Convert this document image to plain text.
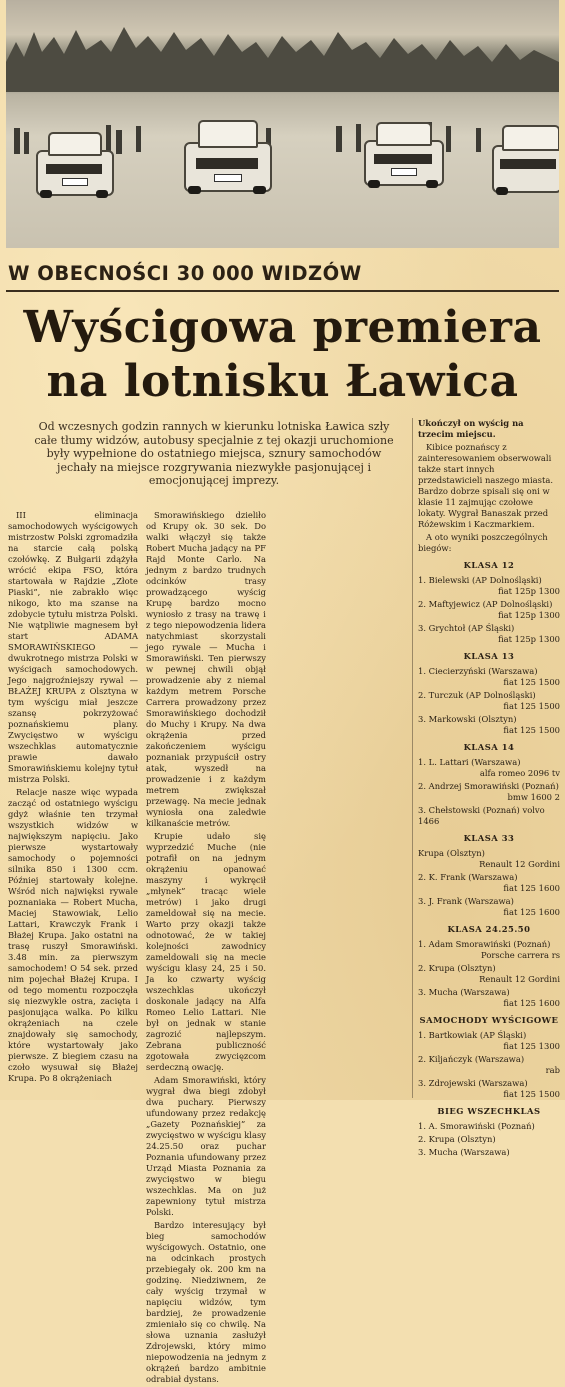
W OBECNOŚCI 30 000 WIDZÓW
Wyścigowa premiera
na lotnisku Ławica
Od wczesnych godzin rannych w kierunku lotniska Ławica szły całe tłumy widzów, autobusy specjalnie z tej okazji uruchomione były wypełnione do ostatniego miejsca, sznury samochodów jechały na miejsce rozgrywania niezwykłe pasjonującej i emocjonującej imprezy.

III eliminacja samochodowych wyścigowych mistrzostw Polski zgromadziła na starcie całą polską czołówkę. Z Bułgarii zdążyła wrócić ekipa FSO, która startowała w Rajdzie „Złote Piaski”, nie zabrakło więc nikogo, kto ma szanse na zdobycie tytułu mistrza Polski. Nie wątpliwie magnesem był start ADAMA SMORAWIŃSKIEGO — dwukrotnego mistrza Polski w wyścigach samochodowych. Jego najgroźniejszy rywal — BŁAŻEJ KRUPA z Olsztyna w tym wyścigu miał jeszcze szansę pokrzyżować poznańskiemu plany. Zwycięstwo w wyścigu wszechklas automatycznie prawie dawało Smorawińskiemu kolejny tytuł mistrza Polski.

Relacje nasze więc wypada zacząć od ostatniego wyścigu gdyż właśnie ten trzymał wszystkich widzów w największym napięciu. Jako pierwsze wystartowały samochody o pojemności silnika 850 i 1300 ccm. Później startowały kolejne. Wśród nich najwięksi rywale poznaniaka — Robert Mucha, Maciej Stawowiak, Lelio Lattari, Krawczyk Frank i Błażej Krupa. Jako ostatni na trasę ruszył Smorawiński. 3.48 min. za pierwszym samochodem! O 54 sek. przed nim pojechał Błażej Krupa. I od tego momentu rozpoczęła się niezwykle ostra, zacięta i pasjonująca walka. Po kilku okrążeniach na czele znajdowały się samochody, które wystartowały jako pierwsze. Z biegiem czasu na czoło wysuwał się Błażej Krupa. Po 8 okrążeniach

Smorawińskiego dzieliło od Krupy ok. 30 sek. Do walki włączył się także Robert Mucha jadący na PF Rajd Monte Carlo. Na jednym z bardzo trudnych odcinków trasy prowadzącego wyścig Krupę bardzo mocno wyniosło z trasy na trawę i z tego niepowodzenia lidera natychmiast skorzystali jego rywale — Mucha i Smorawiński. Ten pierwszy w pewnej chwili objął prowadzenie aby z niemal każdym metrem Porsche Carrera prowadzony przez Smorawińskiego dochodził do Muchy i Krupy. Na dwa okrążenia przed zakończeniem wyścigu poznaniak przypuścił ostry atak, wyszedł na prowadzenie i z każdym metrem zwiększał przewagę. Na mecie jednak wyniosła ona zaledwie kilkanaście metrów.

Krupie udało się wyprzedzić Muche (nie potrafił on na jednym okrążeniu opanować maszyny i wykręcił „młynek” tracąc wiele metrów) i jako drugi zameldował się na mecie. Warto przy okazji także odnotować, że w takiej kolejności zawodnicy zameldowali się na mecie wyścigu klasy 24, 25 i 50. Ja ko czwarty wyścig wszechklas ukończył doskonale jadący na Alfa Romeo Lelio Lattari. Nie był on jednak w stanie zagrozić najlepszym. Zebrana publiczność zgotowała zwycięzcom serdeczną owację.

Adam Smorawiński, który wygrał dwa biegi zdobył dwa puchary. Pierwszy ufundowany przez redakcję „Gazety Poznańskiej” za zwycięstwo w wyścigu klasy 24.25.50 oraz puchar Poznania ufundowany przez Urząd Miasta Poznania za zwycięstwo w biegu wszechklas. Ma on już zapewniony tytuł mistrza Polski.

Bardzo interesujący był bieg samochodów wyścigowych. Ostatnio, one na odcinkach prostych przebiegały ok. 200 km na godzinę. Niedziwnem, że cały wyścig trzymał w napięciu widzów, tym bardziej, że prowadzenie zmieniało się co chwilę. Na słowa uznania zasłużył Zdrojewski, który mimo niepowodzenia na jednym z okrążeń bardzo ambitnie odrabiał dystans.

Ukończył on wyścig na trzecim miejscu.

Kibice poznańscy z zainteresowaniem obserwowali także start innych przedstawicieli naszego miasta. Bardzo dobrze spisali się oni w klasie 11 zajmując czołowe lokaty. Wygrał Banaszak przed Różewskim i Kaczmarkiem.

A oto wyniki poszczególnych biegów:

KLASA 12
1. Bielewski (AP Dolnośląski)
fiat 125p 1300
2. Maftyjewicz (AP Dolnośląski)
fiat 125p 1300
3. Grychtoł (AP Śląski)
fiat 125p 1300
KLASA 13
1. Ciecierzyński (Warszawa)
fiat 125 1500
2. Turczuk (AP Dolnośląski)
fiat 125 1500
3. Markowski (Olsztyn)
fiat 125 1500
KLASA 14
1. L. Lattari (Warszawa)
alfa romeo 2096 tv
2. Andrzej Smorawiński (Poznań)
bmw 1600 2
3. Chełstowski (Poznań) volvo 1466
KLASA 33
Krupa (Olsztyn)
Renault 12 Gordini
2. K. Frank (Warszawa)
fiat 125 1600
3. J. Frank (Warszawa)
fiat 125 1600
KLASA 24.25.50
1. Adam Smorawiński (Poznań)
Porsche carrera rs
2. Krupa (Olsztyn)
Renault 12 Gordini
3. Mucha (Warszawa)
fiat 125 1600
SAMOCHODY WYŚCIGOWE
1. Bartkowiak (AP Śląski)
fiat 125 1300
2. Kiljańczyk (Warszawa)
rab
3. Zdrojewski (Warszawa)
fiat 125 1500
BIEG WSZECHKLAS
1. A. Smorawiński (Poznań)
2. Krupa (Olsztyn)
3. Mucha (Warszawa)
